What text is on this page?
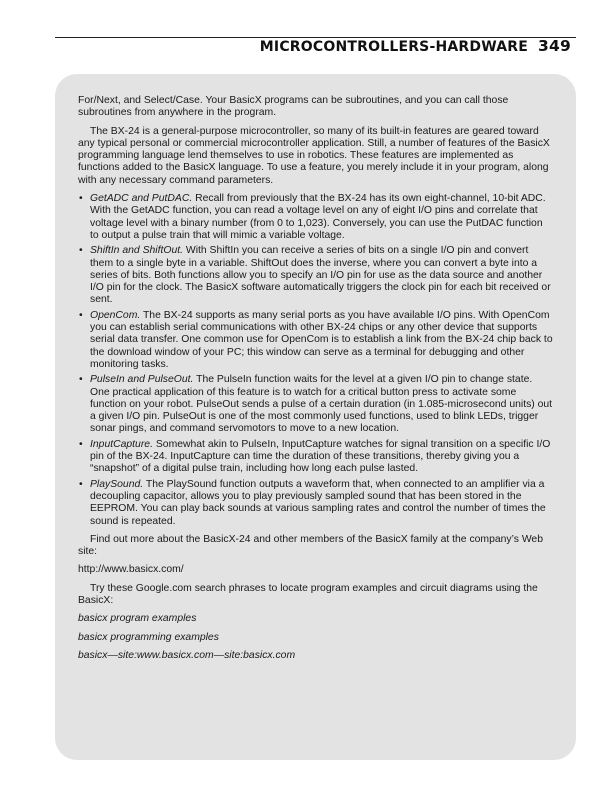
MICROCONTROLLERS-HARDWARE 349

For/Next, and Select/Case. Your BasicX programs can be subroutines, and you can call those subroutines from anywhere in the program.

The BX-24 is a general-purpose microcontroller, so many of its built-in features are geared toward any typical personal or commercial microcontroller application. Still, a number of features of the BasicX programming language lend themselves to use in robotics. These features are implemented as functions added to the BasicX language. To use a feature, you merely include it in your program, along with any necessary command parameters.

• GetADC and PutDAC. Recall from previously that the BX-24 has its own eight-channel, 10-bit ADC. With the GetADC function, you can read a voltage level on any of eight I/O pins and correlate that voltage level with a binary number (from 0 to 1,023). Conversely, you can use the PutDAC function to output a pulse train that will mimic a variable voltage.
• ShiftIn and ShiftOut. With ShiftIn you can receive a series of bits on a single I/O pin and convert them to a single byte in a variable. ShiftOut does the inverse, where you can convert a byte into a series of bits. Both functions allow you to specify an I/O pin for use as the data source and another I/O pin for the clock. The BasicX software automatically triggers the clock pin for each bit received or sent.
• OpenCom. The BX-24 supports as many serial ports as you have available I/O pins. With OpenCom you can establish serial communications with other BX-24 chips or any other device that supports serial data transfer. One common use for OpenCom is to establish a link from the BX-24 chip back to the download window of your PC; this window can serve as a terminal for debugging and other monitoring tasks.
• PulseIn and PulseOut. The PulseIn function waits for the level at a given I/O pin to change state. One practical application of this feature is to watch for a critical button press to activate some function on your robot. PulseOut sends a pulse of a certain duration (in 1.085-microsecond units) out a given I/O pin. PulseOut is one of the most commonly used functions, used to blink LEDs, trigger sonar pings, and command servomotors to move to a new location.
• InputCapture. Somewhat akin to PulseIn, InputCapture watches for signal transition on a specific I/O pin of the BX-24. InputCapture can time the duration of these transitions, thereby giving you a “snapshot” of a digital pulse train, including how long each pulse lasted.
• PlaySound. The PlaySound function outputs a waveform that, when connected to an amplifier via a decoupling capacitor, allows you to play previously sampled sound that has been stored in the EEPROM. You can play back sounds at various sampling rates and control the number of times the sound is repeated.

Find out more about the BasicX-24 and other members of the BasicX family at the company’s Web site:

http://www.basicx.com/

Try these Google.com search phrases to locate program examples and circuit diagrams using the BasicX:

basicx program examples

basicx programming examples

basicx—site:www.basicx.com—site:basicx.com
